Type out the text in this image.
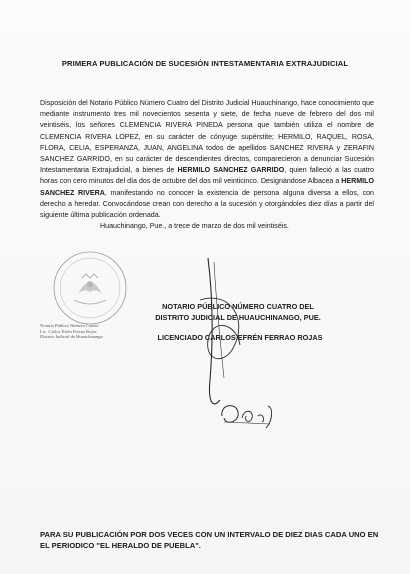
PRIMERA PUBLICACIÓN DE SUCESIÓN INTESTAMENTARIA EXTRAJUDICIAL
Disposición del Notario Público Número Cuatro del Distrito Judicial Huauchinango, hace conocimiento que mediante instrumento tres mil novecientos sesenta y siete, de fecha nueve de febrero del dos mil veintiséis, los señores CLEMENCIA RIVERA PINEDA persona que también utiliza el nombre de CLEMENCIA RIVERA LOPEZ, en su carácter de cónyuge supérstite; HERMILO, RAQUEL, ROSA, FLORA, CELIA, ESPERANZA, JUAN, ANGELINA todos de apellidos SANCHEZ RIVERA y ZERAFIN SANCHEZ GARRIDO, en su carácter de descendientes directos, comparecieron a denunciar Sucesión Intestamentaria Extrajudicial, a bienes de HERMILO SANCHEZ GARRIDO, quien falleció a las cuatro horas con cero minutos del día dos de octubre del dos mil veinticinco. Designándose Albacea a HERMILO SANCHEZ RIVERA, manifestando no conocer la existencia de persona alguna diversa a ellos, con derecho a heredar. Convocándose crean con derecho a la sucesión y otorgándoles diez días a partir del siguiente última publicación ordenada.
Huauchinango, Pue., a trece de marzo de dos mil veintiséis.
Notaría Pública Número Cuatro
Lic. Carlos Efrén Ferrao Rojas
Distrito Judicial de Huauchinango
NOTARIO PÚBLICO NÚMERO CUATRO DEL
DISTRITO JUDICIAL DE HUAUCHINANGO, PUE.
LICENCIADO CARLOS EFRÉN FERRAO ROJAS
PARA SU PUBLICACIÓN POR DOS VECES CON UN INTERVALO DE DIEZ DIAS CADA UNO EN EL PERIODICO "EL HERALDO DE PUEBLA".
